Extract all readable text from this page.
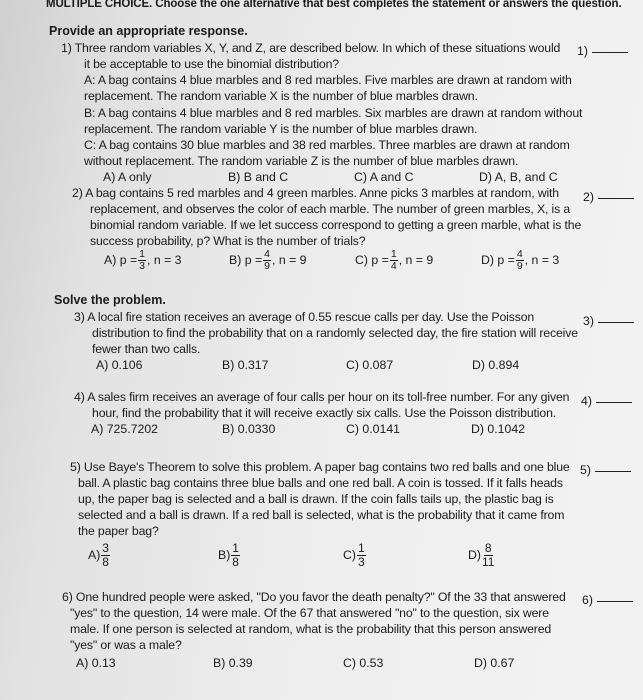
MULTIPLE CHOICE. Choose the one alternative that best completes the statement or answers the question.
Provide an appropriate response.
1) Three random variables X, Y, and Z, are described below. In which of these situations would
it be acceptable to use the binomial distribution?
A: A bag contains 4 blue marbles and 8 red marbles. Five marbles are drawn at random with
replacement. The random variable X is the number of blue marbles drawn.
B: A bag contains 4 blue marbles and 8 red marbles. Six marbles are drawn at random without
replacement. The random variable Y is the number of blue marbles drawn.
C: A bag contains 30 blue marbles and 38 red marbles. Three marbles are drawn at random
without replacement. The random variable Z is the number of blue marbles drawn.
1)
A) A only	B) B and C	C) A and C	D) A, B, and C
2) A bag contains 5 red marbles and 4 green marbles. Anne picks 3 marbles at random, with
replacement, and observes the color of each marble. The number of green marbles, X, is a
binomial random variable. If we let success correspond to getting a green marble, what is the
success probability, p? What is the number of trials?
2)
A) $p = \frac{1}{3}$ , n = 3	B) $p = \frac{4}{9}$ , n = 9	C) $p = \frac{1}{4}$ , n = 9	D) $p = \frac{4}{9}$ , n = 3
Solve the problem.
3) A local fire station receives an average of 0.55 rescue calls per day. Use the Poisson
distribution to find the probability that on a randomly selected day, the fire station will receive
fewer than two calls.
3)
A) 0.106	B) 0.317	C) 0.087	D) 0.894
4) A sales firm receives an average of four calls per hour on its toll-free number. For any given
hour, find the probability that it will receive exactly six calls. Use the Poisson distribution.
4)
A) 725.7202	B) 0.0330	C) 0.0141	D) 0.1042
5) Use Baye's Theorem to solve this problem. A paper bag contains two red balls and one blue
ball. A plastic bag contains three blue balls and one red ball. A coin is tossed. If it falls heads
up, the paper bag is selected and a ball is drawn. If the coin falls tails up, the plastic bag is
selected and a ball is drawn. If a red ball is selected, what is the probability that it came from
the paper bag?
5)
$A) \frac{3}{8}$	$B) \frac{1}{8}$	$C) \frac{1}{3}$	$D) \frac{8}{11}$
6) One hundred people were asked, "Do you favor the death penalty?" Of the 33 that answered
"yes" to the question, 14 were male. Of the 67 that answered "no" to the question, six were
male. If one person is selected at random, what is the probability that this person answered
"yes" or was a male?
6)
A) 0.13	B) 0.39	C) 0.53	D) 0.67
